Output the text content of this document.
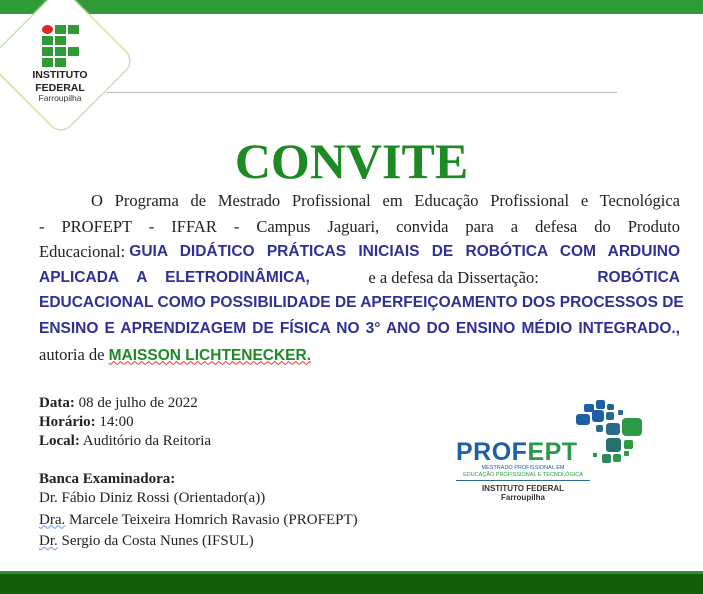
INSTITUTO
FEDERAL
Farroupilha
CONVITE
O Programa de Mestrado Profissional em Educação Profissional e Tecnológica
- PROFEPT - IFFAR - Campus Jaguari, convida para a defesa do Produto
Educacional: GUIA DIDÁTICO PRÁTICAS INICIAIS DE ROBÓTICA COM ARDUINO
APLICADA A ELETRODINÂMICA,	e a defesa da Dissertação:	ROBÓTICA
EDUCACIONAL COMO POSSIBILIDADE DE APERFEIÇOAMENTO DOS PROCESSOS DE
ENSINO E APRENDIZAGEM DE FÍSICA NO 3° ANO DO ENSINO MÉDIO INTEGRADO.,
autoria de MAISSON LICHTENECKER.
Data: 08 de julho de 2022
Horário: 14:00
Local: Auditório da Reitoria
Banca Examinadora:
Dr. Fábio Diniz Rossi (Orientador(a))
Dra. Marcele Teixeira Homrich Ravasio (PROFEPT)
Dr. Sergio da Costa Nunes (IFSUL)
PROFEPT
MESTRADO PROFISSIONAL EM
EDUCAÇÃO PROFISSIONAL E TECNOLÓGICA
INSTITUTO FEDERAL
Farroupilha
